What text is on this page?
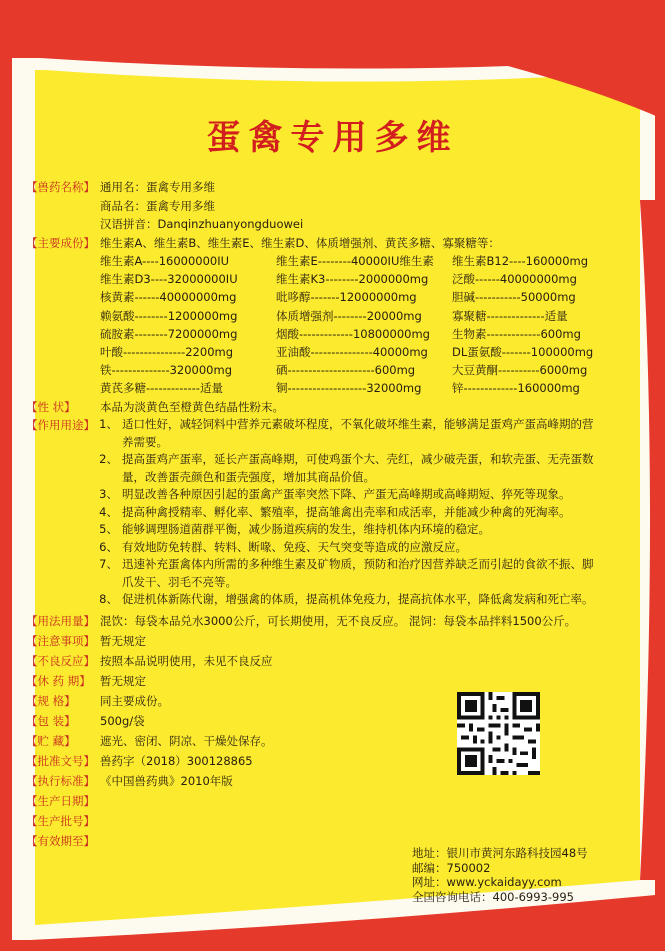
蛋禽专用多维
【兽药名称】 通用名：蛋禽专用多维
商品名：蛋禽专用多维
汉语拼音：Danqinzhuanyongduowei
【主要成份】 维生素A、维生素B、维生素E、维生素D、体质增强剂、黄芪多糖、寡聚糖等：
维生素A----16000000IU	维生素E--------40000IU维生素	维生素B12----160000mg
维生素D3----32000000IU	维生素K3--------2000000mg	泛酸------40000000mg
核黄素------40000000mg	吡哆醇-------12000000mg	胆碱-----------50000mg
赖氨酸--------1200000mg	体质增强剂--------20000mg	寡聚糖--------------适量
硫胺素--------7200000mg	烟酸-------------10800000mg	生物素-------------600mg
叶酸---------------2200mg	亚油酸---------------40000mg	DL蛋氨酸-------100000mg
铁--------------320000mg	硒---------------------600mg	大豆黄酮----------6000mg
黄芪多糖-------------适量	铜-------------------32000mg	锌-------------160000mg
【性 状】	本品为淡黄色至橙黄色结晶性粉末。
【作用用途】 1、 适口性好，减轻饲料中营养元素破坏程度，不氧化破坏维生素，能够满足蛋鸡产蛋高峰期的营养需要。
2、 提高蛋鸡产蛋率，延长产蛋高峰期，可使鸡蛋个大、壳红，减少破壳蛋，和软壳蛋、无壳蛋数量，改善蛋壳颜色和蛋壳强度，增加其商品价值。
3、 明显改善各种原因引起的蛋禽产蛋率突然下降、产蛋无高峰期或高峰期短、猝死等现象。
4、 提高种禽授精率、孵化率、繁殖率，提高雏禽出壳率和成活率，并能减少种禽的死淘率。
5、 能够调理肠道菌群平衡，减少肠道疾病的发生，维持机体内环境的稳定。
6、 有效地防免转群、转料、断喙、免疫、天气突变等造成的应激反应。
7、 迅速补充蛋禽体内所需的多种维生素及矿物质，预防和治疗因营养缺乏而引起的食欲不振、脚爪发干、羽毛不亮等。
8、 促进机体新陈代谢，增强禽的体质，提高机体免疫力，提高抗体水平，降低禽发病和死亡率。
【用法用量】 混饮：每袋本品兑水3000公斤，可长期使用，无不良反应。 混饲：每袋本品拌料1500公斤。
【注意事项】 暂无规定
【不良反应】 按照本品说明使用，未见不良反应
【休 药 期】 暂无规定
【规 格】	同主要成份。
【包 装】	500g/袋
【贮 藏】	遮光、密闭、阴凉、干燥处保存。
【批准文号】 兽药字（2018）300128865
【执行标准】 《中国兽药典》2010年版
【生产日期】
【生产批号】
【有效期至】
地址：银川市黄河东路科技园48号
邮编：750002
网址：www.yckaidayy.com
全国咨询电话：400-6993-995
